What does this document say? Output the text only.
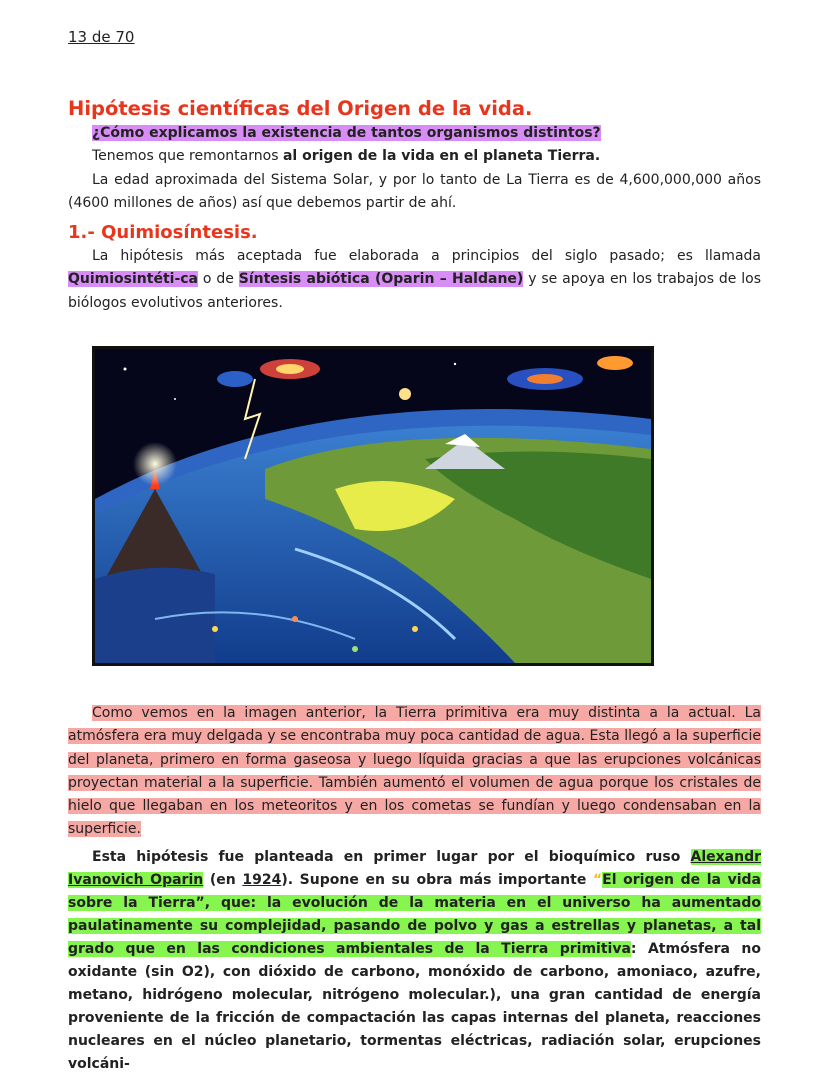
13 de 70
Hipótesis científicas del Origen de la vida.

¿Cómo explicamos la existencia de tantos organismos distintos?

Tenemos que remontarnos al origen de la vida en el planeta Tierra.

La edad aproximada del Sistema Solar, y por lo tanto de La Tierra es de 4,600,000,000 años (4600 millones de años) así que debemos partir de ahí.

1.- Quimiosíntesis.

La hipótesis más aceptada fue elaborada a principios del siglo pasado; es llamada Quimiosintéti-ca o de Síntesis abiótica (Oparin – Haldane) y se apoya en los trabajos de los biólogos evolutivos anteriores.

Como vemos en la imagen anterior, la Tierra primitiva era muy distinta a la actual. La atmósfera era muy delgada y se encontraba muy poca cantidad de agua. Esta llegó a la superficie del planeta, primero en forma gaseosa y luego líquida gracias a que las erupciones volcánicas proyectan material a la superficie. También aumentó el volumen de agua porque los cristales de hielo que llegaban en los meteoritos y en los cometas se fundían y luego condensaban en la superficie.

Esta hipótesis fue planteada en primer lugar por el bioquímico ruso Alexandr Ivanovich Oparin (en 1924). Supone en su obra más importante “El origen de la vida sobre la Tierra”, que: la evolución de la materia en el universo ha aumentado paulatinamente su complejidad, pasando de polvo y gas a estrellas y planetas, a tal grado que en las condiciones ambientales de la Tierra primitiva: Atmósfera no oxidante (sin O2), con dióxido de carbono, monóxido de carbono, amoniaco, azufre, metano, hidrógeno molecular, nitrógeno molecular.), una gran cantidad de energía proveniente de la fricción de compactación las capas internas del planeta, reacciones nucleares en el núcleo planetario, tormentas eléctricas, radiación solar, erupciones volcáni-
